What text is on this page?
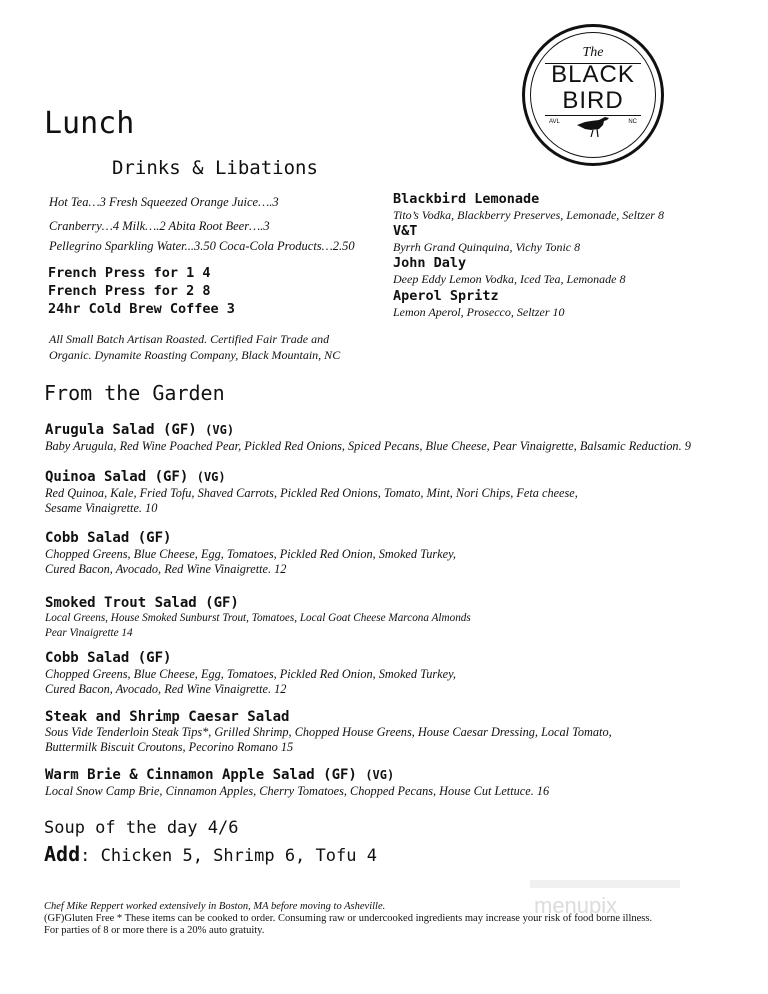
The
BLACK
BIRD
AVL	NC
Lunch
Drinks & Libations
Hot Tea…3 Fresh Squeezed Orange Juice….3
Cranberry…4 Milk….2 Abita Root Beer….3
Pellegrino Sparkling Water...3.50 Coca-Cola Products…2.50
French Press for 1 4
French Press for 2 8
24hr Cold Brew Coffee 3
All Small Batch Artisan Roasted. Certified Fair Trade and
Organic. Dynamite Roasting Company, Black Mountain, NC
Blackbird Lemonade
Tito’s Vodka, Blackberry Preserves, Lemonade, Seltzer 8
V&T
Byrrh Grand Quinquina, Vichy Tonic 8
John Daly
Deep Eddy Lemon Vodka, Iced Tea, Lemonade 8
Aperol Spritz
Lemon Aperol, Prosecco, Seltzer 10
From the Garden
Arugula Salad (GF) (VG)
Baby Arugula, Red Wine Poached Pear, Pickled Red Onions, Spiced Pecans, Blue Cheese, Pear Vinaigrette, Balsamic Reduction. 9
Quinoa Salad (GF) (VG)
Red Quinoa, Kale, Fried Tofu, Shaved Carrots, Pickled Red Onions, Tomato, Mint, Nori Chips, Feta cheese,
Sesame Vinaigrette. 10
Cobb Salad (GF)
Chopped Greens, Blue Cheese, Egg, Tomatoes, Pickled Red Onion, Smoked Turkey,
Cured Bacon, Avocado, Red Wine Vinaigrette. 12
Smoked Trout Salad (GF)
Local Greens, House Smoked Sunburst Trout, Tomatoes, Local Goat Cheese Marcona Almonds
Pear Vinaigrette 14
Cobb Salad (GF)
Chopped Greens, Blue Cheese, Egg, Tomatoes, Pickled Red Onion, Smoked Turkey,
Cured Bacon, Avocado, Red Wine Vinaigrette. 12
Steak and Shrimp Caesar Salad
Sous Vide Tenderloin Steak Tips*, Grilled Shrimp, Chopped House Greens, House Caesar Dressing, Local Tomato,
Buttermilk Biscuit Croutons, Pecorino Romano 15
Warm Brie & Cinnamon Apple Salad (GF) (VG)
Local Snow Camp Brie, Cinnamon Apples, Cherry Tomatoes, Chopped Pecans, House Cut Lettuce. 16
Soup of the day 4/6
Add: Chicken 5, Shrimp 6, Tofu 4
menupix
Chef Mike Reppert worked extensively in Boston, MA before moving to Asheville.
(GF)Gluten Free * These items can be cooked to order. Consuming raw or undercooked ingredients may increase your risk of food borne illness.
For parties of 8 or more there is a 20% auto gratuity.
